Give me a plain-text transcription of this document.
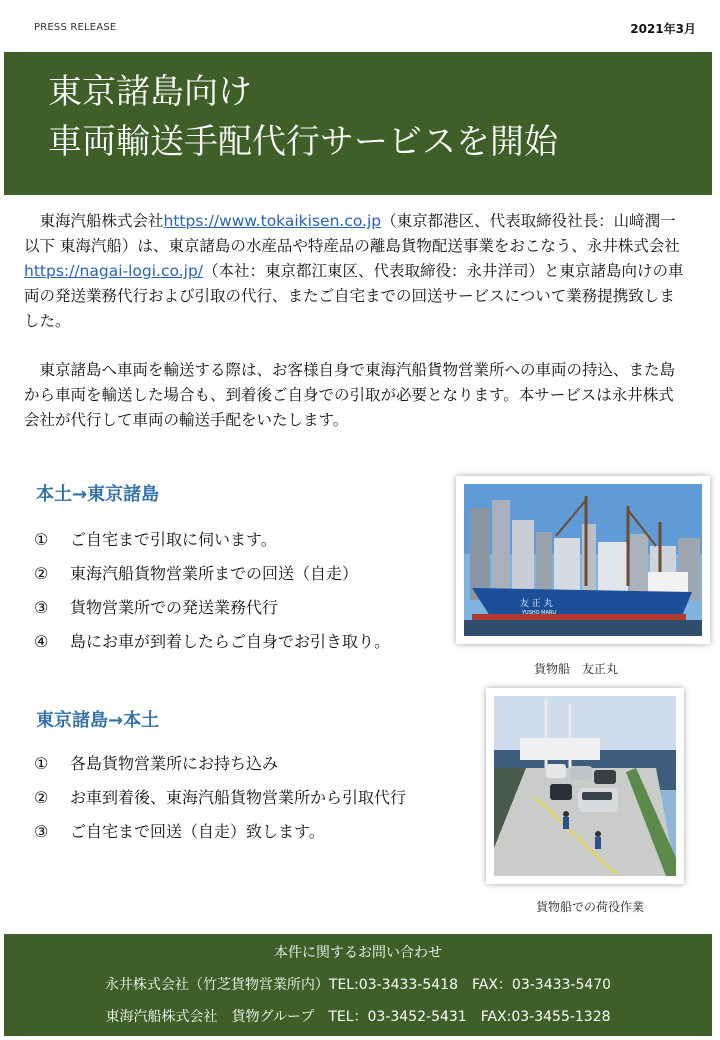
PRESS RELEASE	2021年3月
東京諸島向け
車両輸送手配代行サービスを開始

　東海汽船株式会社https://www.tokaikisen.co.jp（東京都港区、代表取締役社長：山﨑潤一　以下 東海汽船）は、東京諸島の水産品や特産品の離島貨物配送事業をおこなう、永井株式会社https://nagai-logi.co.jp/（本社：東京都江東区、代表取締役：永井洋司）と東京諸島向けの車両の発送業務代行および引取の代行、またご自宅までの回送サービスについて業務提携致しました。

　東京諸島へ車両を輸送する際は、お客様自身で東海汽船貨物営業所への車両の持込、また島から車両を輸送した場合も、到着後ご自身での引取が必要となります。本サービスは永井株式会社が代行して車両の輸送手配をいたします。

本土→東京諸島
① ご自宅まで引取に伺います。
② 東海汽船貨物営業所までの回送（自走）
③ 貨物営業所での発送業務代行
④ 島にお車が到着したらご自身でお引き取り。
東京諸島→本土
① 各島貨物営業所にお持ち込み
② お車到着後、東海汽船貨物営業所から引取代行
③ ご自宅まで回送（自走）致します。
友 正 丸
YUSHO MARU
貨物船　友正丸
貨物船での荷役作業
本件に関するお問い合わせ
永井株式会社（竹芝貨物営業所内）TEL:03-3433-5418　FAX：03-3433-5470
東海汽船株式会社　貨物グループ　TEL：03-3452-5431　FAX:03-3455-1328
